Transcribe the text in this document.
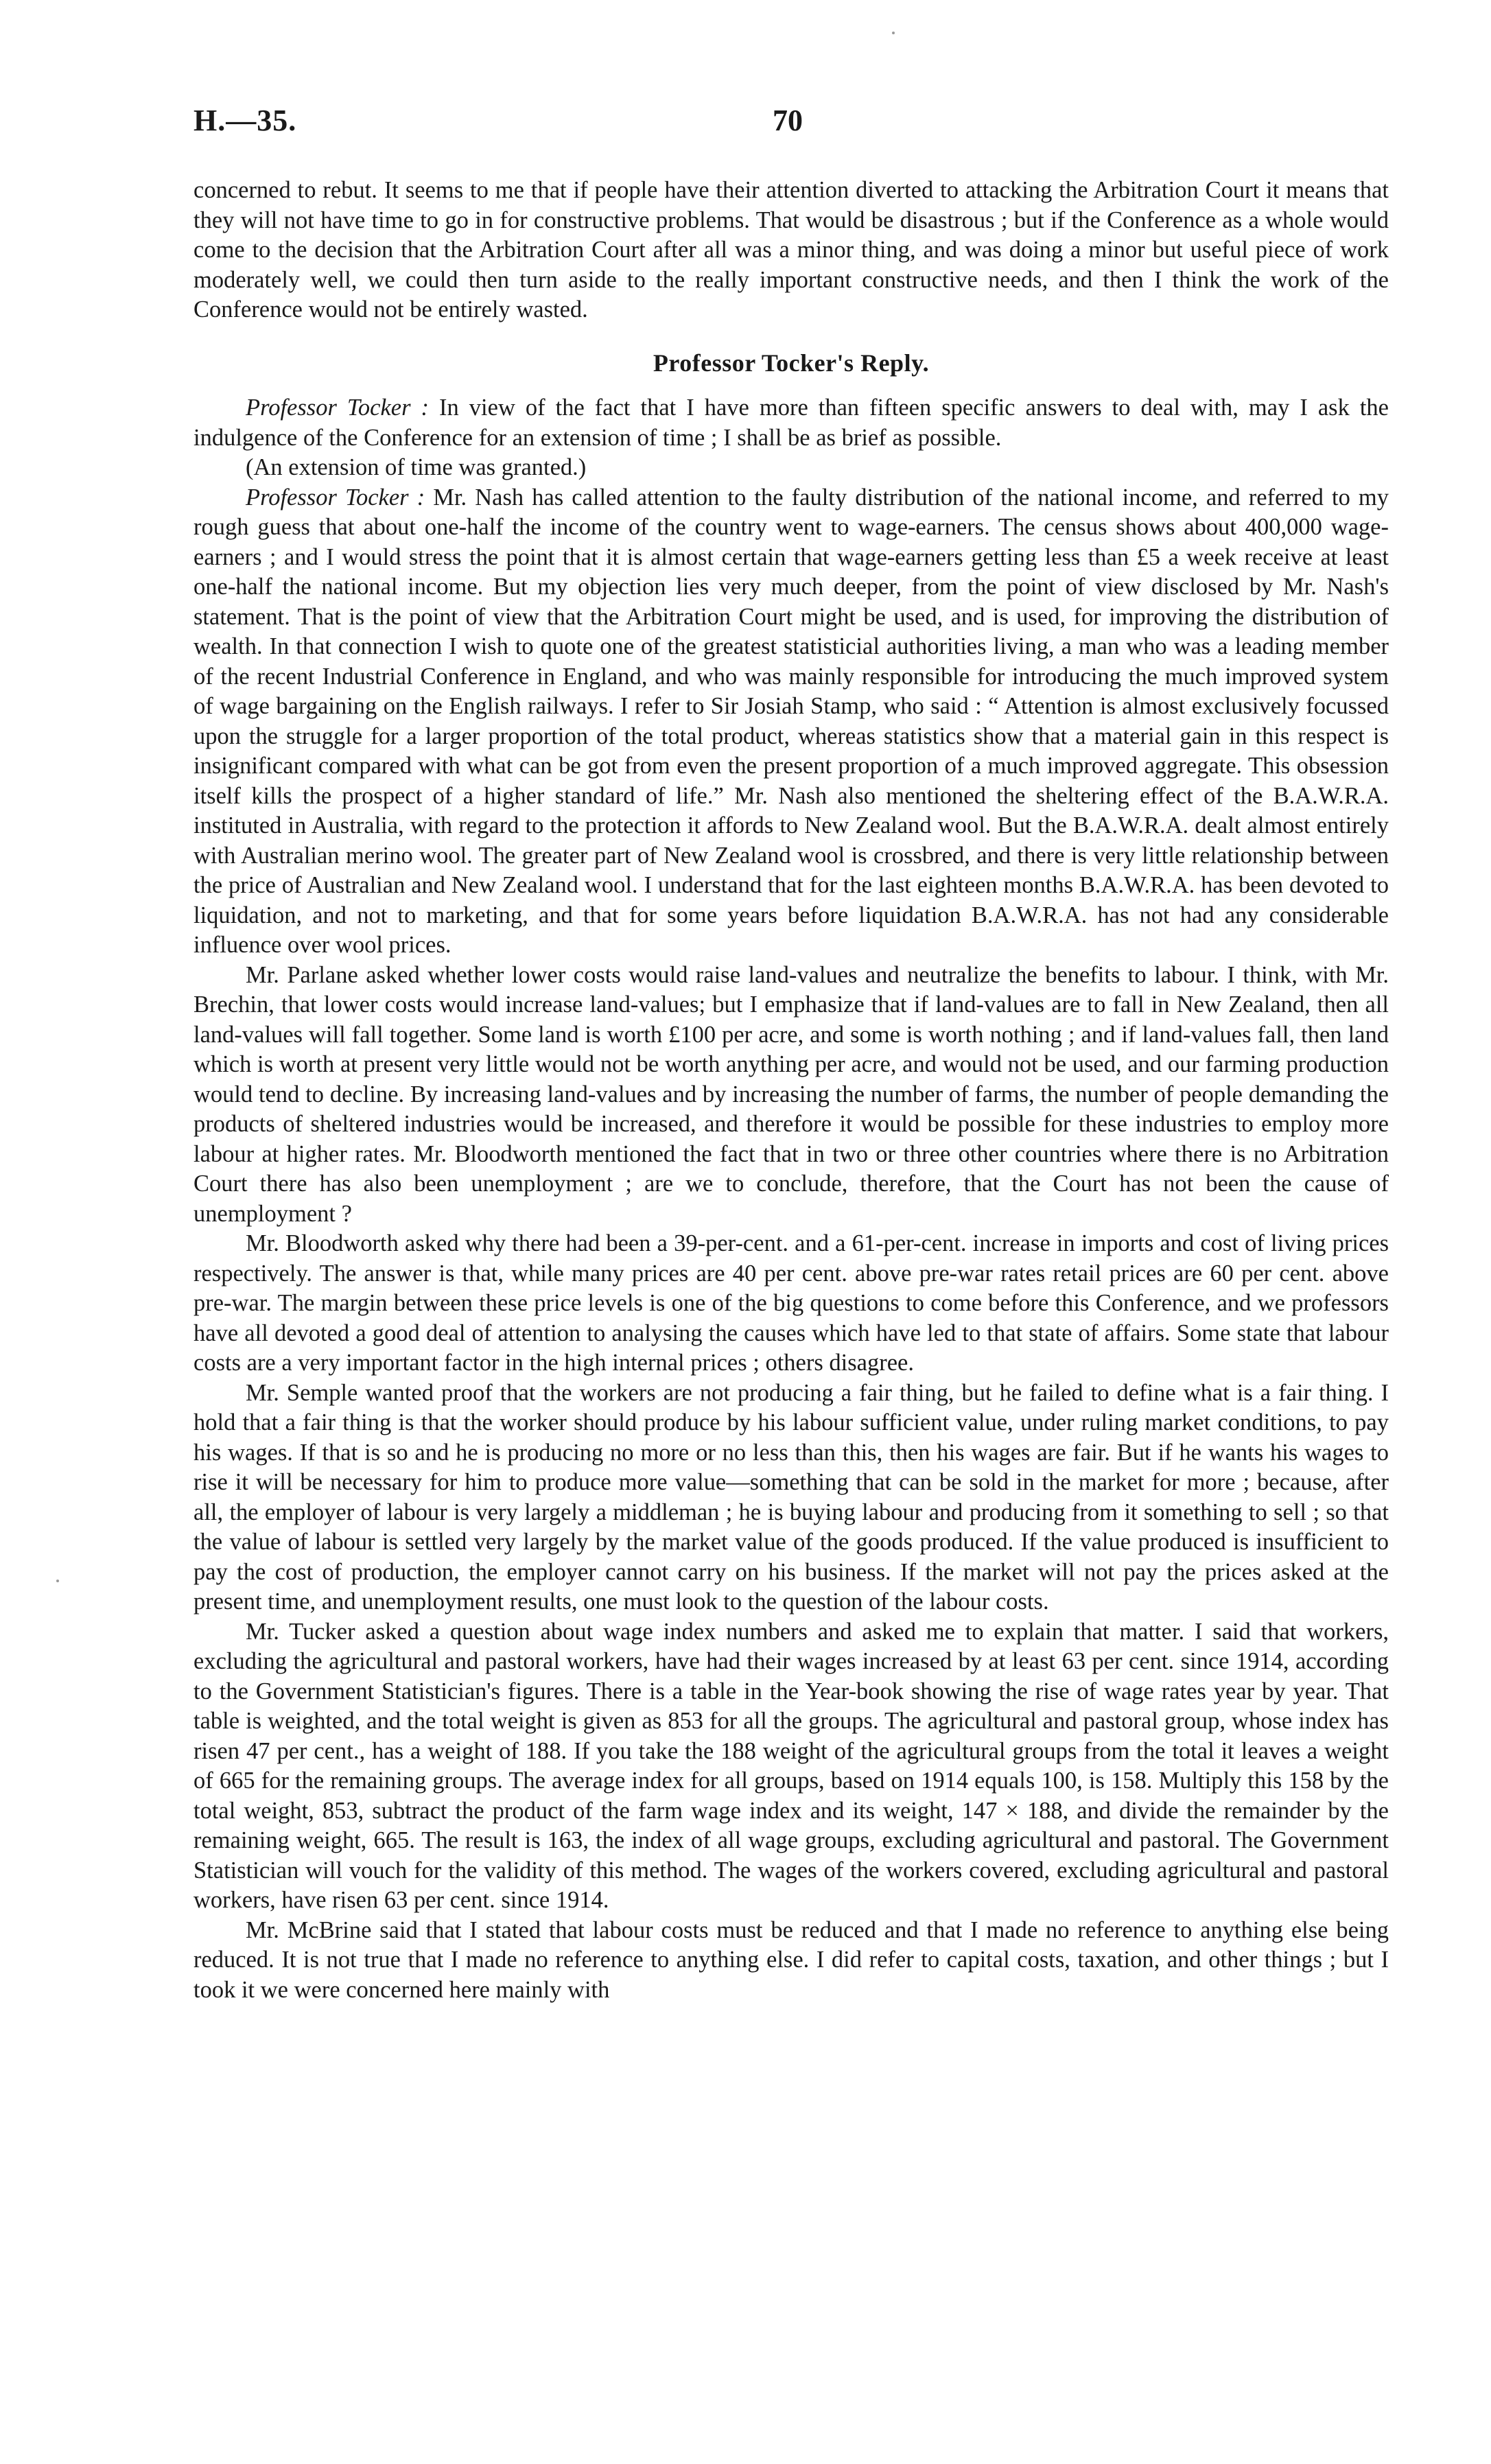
H.—35.	70

concerned to rebut. It seems to me that if people have their attention diverted to attacking the Arbitration Court it means that they will not have time to go in for constructive problems. That would be disastrous ; but if the Conference as a whole would come to the decision that the Arbitration Court after all was a minor thing, and was doing a minor but useful piece of work moderately well, we could then turn aside to the really important constructive needs, and then I think the work of the Conference would not be entirely wasted.

Professor Tocker's Reply.

Professor Tocker : In view of the fact that I have more than fifteen specific answers to deal with, may I ask the indulgence of the Conference for an extension of time ; I shall be as brief as possible.

(An extension of time was granted.)

Professor Tocker : Mr. Nash has called attention to the faulty distribution of the national income, and referred to my rough guess that about one-half the income of the country went to wage-earners. The census shows about 400,000 wage-earners ; and I would stress the point that it is almost certain that wage-earners getting less than £5 a week receive at least one-half the national income. But my objection lies very much deeper, from the point of view disclosed by Mr. Nash's statement. That is the point of view that the Arbitration Court might be used, and is used, for improving the distribution of wealth. In that connection I wish to quote one of the greatest statisticial authorities living, a man who was a leading member of the recent Industrial Conference in England, and who was mainly responsible for introducing the much improved system of wage bargaining on the English railways. I refer to Sir Josiah Stamp, who said : “ Attention is almost exclusively focussed upon the struggle for a larger proportion of the total product, whereas statistics show that a material gain in this respect is insignificant compared with what can be got from even the present proportion of a much improved aggregate. This obsession itself kills the prospect of a higher standard of life.” Mr. Nash also mentioned the sheltering effect of the B.A.W.R.A. instituted in Australia, with regard to the protection it affords to New Zealand wool. But the B.A.W.R.A. dealt almost entirely with Australian merino wool. The greater part of New Zealand wool is crossbred, and there is very little relationship between the price of Australian and New Zealand wool. I understand that for the last eighteen months B.A.W.R.A. has been devoted to liquidation, and not to marketing, and that for some years before liquidation B.A.W.R.A. has not had any considerable influence over wool prices.

Mr. Parlane asked whether lower costs would raise land-values and neutralize the benefits to labour. I think, with Mr. Brechin, that lower costs would increase land-values; but I emphasize that if land-values are to fall in New Zealand, then all land-values will fall together. Some land is worth £100 per acre, and some is worth nothing ; and if land-values fall, then land which is worth at present very little would not be worth anything per acre, and would not be used, and our farming production would tend to decline. By increasing land-values and by increasing the number of farms, the number of people demanding the products of sheltered industries would be increased, and therefore it would be possible for these industries to employ more labour at higher rates. Mr. Bloodworth mentioned the fact that in two or three other countries where there is no Arbitration Court there has also been unemployment ; are we to conclude, therefore, that the Court has not been the cause of unemployment ?

Mr. Bloodworth asked why there had been a 39-per-cent. and a 61-per-cent. increase in imports and cost of living prices respectively. The answer is that, while many prices are 40 per cent. above pre-war rates retail prices are 60 per cent. above pre-war. The margin between these price levels is one of the big questions to come before this Conference, and we professors have all devoted a good deal of attention to analysing the causes which have led to that state of affairs. Some state that labour costs are a very important factor in the high internal prices ; others disagree.

Mr. Semple wanted proof that the workers are not producing a fair thing, but he failed to define what is a fair thing. I hold that a fair thing is that the worker should produce by his labour sufficient value, under ruling market conditions, to pay his wages. If that is so and he is producing no more or no less than this, then his wages are fair. But if he wants his wages to rise it will be necessary for him to produce more value—something that can be sold in the market for more ; because, after all, the employer of labour is very largely a middleman ; he is buying labour and producing from it something to sell ; so that the value of labour is settled very largely by the market value of the goods produced. If the value produced is insufficient to pay the cost of production, the employer cannot carry on his business. If the market will not pay the prices asked at the present time, and unemployment results, one must look to the question of the labour costs.

Mr. Tucker asked a question about wage index numbers and asked me to explain that matter. I said that workers, excluding the agricultural and pastoral workers, have had their wages increased by at least 63 per cent. since 1914, according to the Government Statistician's figures. There is a table in the Year-book showing the rise of wage rates year by year. That table is weighted, and the total weight is given as 853 for all the groups. The agricultural and pastoral group, whose index has risen 47 per cent., has a weight of 188. If you take the 188 weight of the agricultural groups from the total it leaves a weight of 665 for the remaining groups. The average index for all groups, based on 1914 equals 100, is 158. Multiply this 158 by the total weight, 853, subtract the product of the farm wage index and its weight, 147 × 188, and divide the remainder by the remaining weight, 665. The result is 163, the index of all wage groups, excluding agricultural and pastoral. The Government Statistician will vouch for the validity of this method. The wages of the workers covered, excluding agricultural and pastoral workers, have risen 63 per cent. since 1914.

Mr. McBrine said that I stated that labour costs must be reduced and that I made no reference to anything else being reduced. It is not true that I made no reference to anything else. I did refer to capital costs, taxation, and other things ; but I took it we were concerned here mainly with
